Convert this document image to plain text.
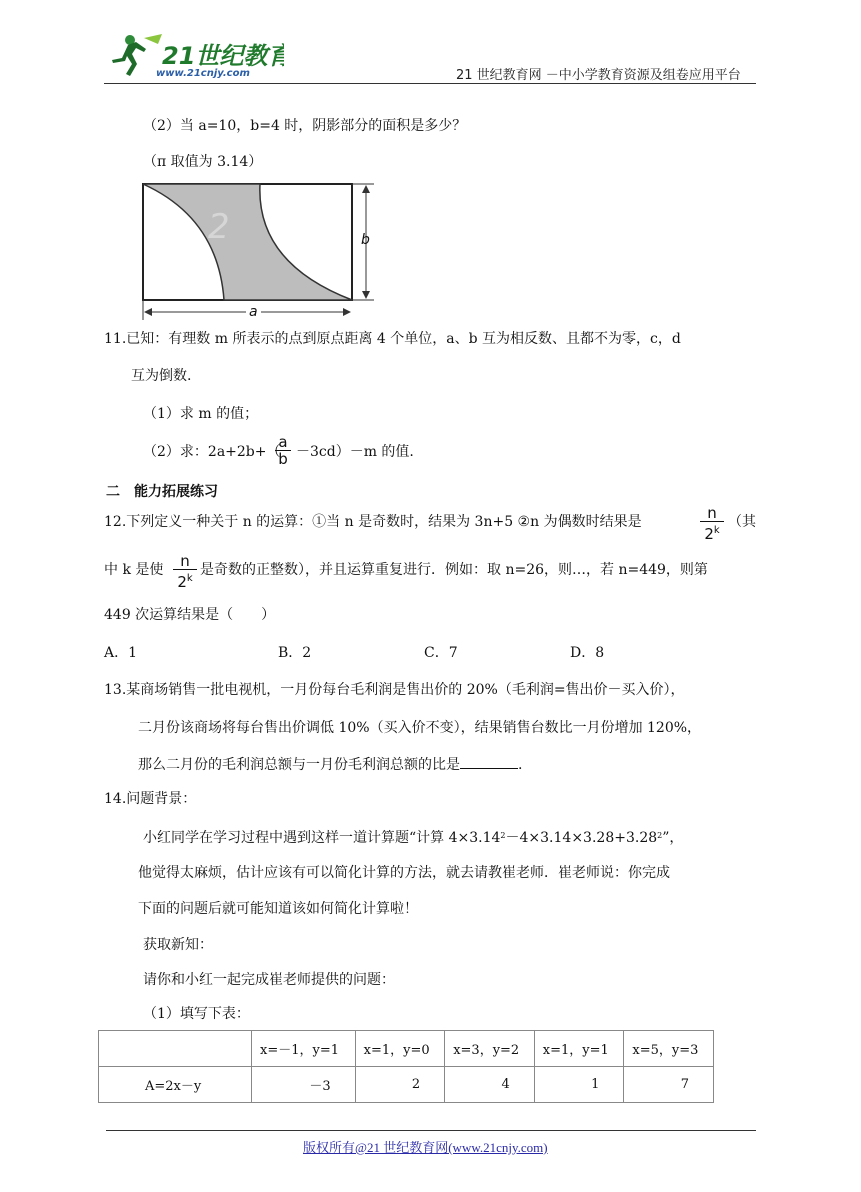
21世纪教育
www.21cnjy.com	21 世纪教育网 －中小学教育资源及组卷应用平台
（2）当 a=10，b=4 时，阴影部分的面积是多少？
（π 取值为 3.14）
2	b
a
11.已知：有理数 m 所表示的点到原点距离 4 个单位，a、b 互为相反数、且都不为零，c，d
互为倒数.
（1）求 m 的值；
（2）求：2a+2b+（
a
b －3cd）－m 的值.
二　能力拓展练习
12.下列定义一种关于 n 的运算：①当 n 是奇数时，结果为 3n+5 ②n 为偶数时结果是	n
2$^k$
（其
中 k 是使	n
2$^k$
是奇数的正整数），并且运算重复进行．例如：取 n=26，则…，若 n=449，则第
449 次运算结果是（　　）
A．1	B．2	C．7	D．8
13.某商场销售一批电视机，一月份每台毛利润是售出价的 20%（毛利润=售出价－买入价），
二月份该商场将每台售出价调低 10%（买入价不变），结果销售台数比一月份增加 120%，
那么二月份的毛利润总额与一月份毛利润总额的比是	.
14.问题背景：
小红同学在学习过程中遇到这样一道计算题“计算 $4\times 3.14^2-4\times 3.14\times 3.28+3.28^2$”，
他觉得太麻烦，估计应该有可以简化计算的方法，就去请教崔老师．崔老师说：你完成
下面的问题后就可能知道该如何简化计算啦！
获取新知：
请你和小红一起完成崔老师提供的问题：
（1）填写下表：
	x=－1，y=1	x=1，y=0	x=3，y=2	x=1，y=1	x=5，y=3
A=2x－y	－3	2	4	1	7
版权所有@21 世纪教育网(www.21cnjy.com)
